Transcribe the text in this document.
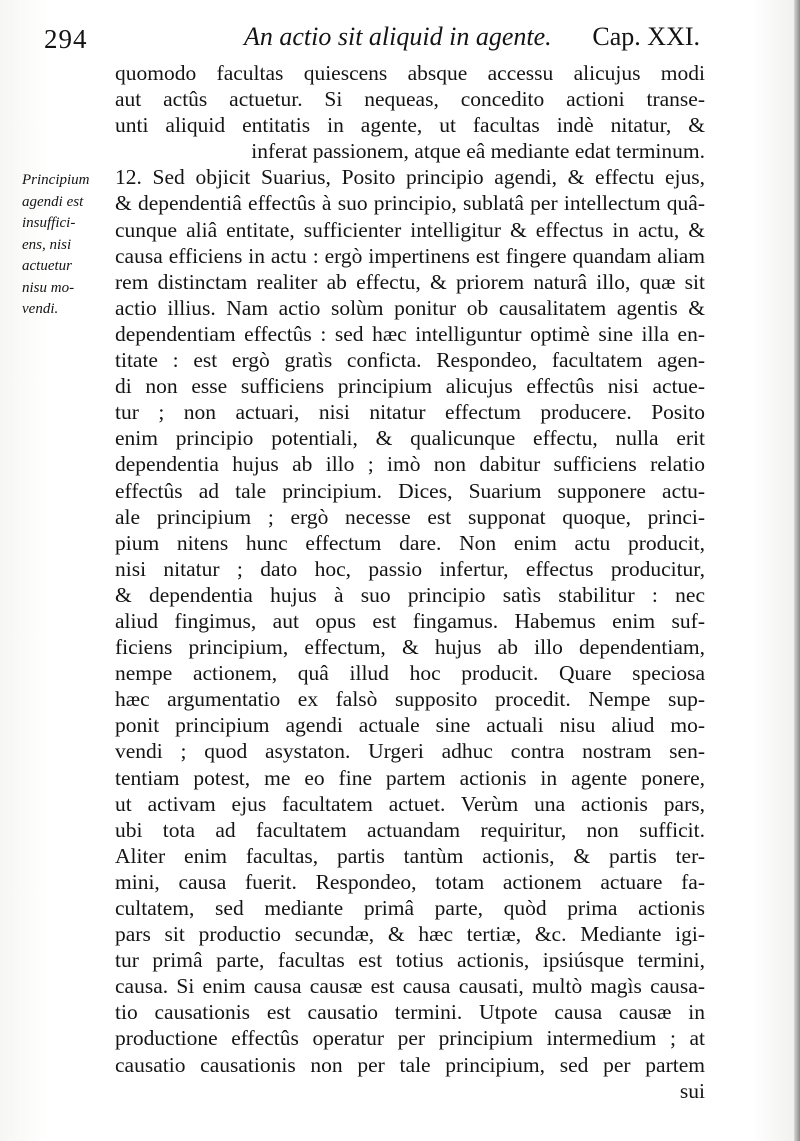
294	An actio sit aliquid in agente. Cap. XXI.
Principium
agendi est
insuffici-
ens, nisi
actuetur
nisu mo-
vendi.
quomodo facultas quiescens absque accessu alicujus modi
aut actûs actuetur. Si nequeas, concedito actioni transe-
unti aliquid entitatis in agente, ut facultas indè nitatur, &
inferat passionem, atque eâ mediante edat terminum.
12. Sed objicit Suarius, Posito principio agendi, & effectu ejus,
& dependentiâ effectûs à suo principio, sublatâ per intellectum quâ-
cunque aliâ entitate, sufficienter intelligitur & effectus in actu, &
causa efficiens in actu : ergò impertinens est fingere quandam aliam
rem distinctam realiter ab effectu, & priorem naturâ illo, quæ sit
actio illius. Nam actio solùm ponitur ob causalitatem agentis &
dependentiam effectûs : sed hæc intelliguntur optimè sine illa en-
titate : est ergò gratìs conficta. Respondeo, facultatem agen-
di non esse sufficiens principium alicujus effectûs nisi actue-
tur ; non actuari, nisi nitatur effectum producere. Posito
enim principio potentiali, & qualicunque effectu, nulla erit
dependentia hujus ab illo ; imò non dabitur sufficiens relatio
effectûs ad tale principium. Dices, Suarium supponere actu-
ale principium ; ergò necesse est supponat quoque, princi-
pium nitens hunc effectum dare. Non enim actu producit,
nisi nitatur ; dato hoc, passio infertur, effectus producitur,
& dependentia hujus à suo principio satìs stabilitur : nec
aliud fingimus, aut opus est fingamus. Habemus enim suf-
ficiens principium, effectum, & hujus ab illo dependentiam,
nempe actionem, quâ illud hoc producit. Quare speciosa
hæc argumentatio ex falsò supposito procedit. Nempe sup-
ponit principium agendi actuale sine actuali nisu aliud mo-
vendi ; quod asystaton. Urgeri adhuc contra nostram sen-
tentiam potest, me eo fine partem actionis in agente ponere,
ut activam ejus facultatem actuet. Verùm una actionis pars,
ubi tota ad facultatem actuandam requiritur, non sufficit.
Aliter enim facultas, partis tantùm actionis, & partis ter-
mini, causa fuerit. Respondeo, totam actionem actuare fa-
cultatem, sed mediante primâ parte, quòd prima actionis
pars sit productio secundæ, & hæc tertiæ, &c. Mediante igi-
tur primâ parte, facultas est totius actionis, ipsiúsque termini,
causa. Si enim causa causæ est causa causati, multò magìs causa-
tio causationis est causatio termini. Utpote causa causæ in
productione effectûs operatur per principium intermedium ; at
causatio causationis non per tale principium, sed per partem
sui
